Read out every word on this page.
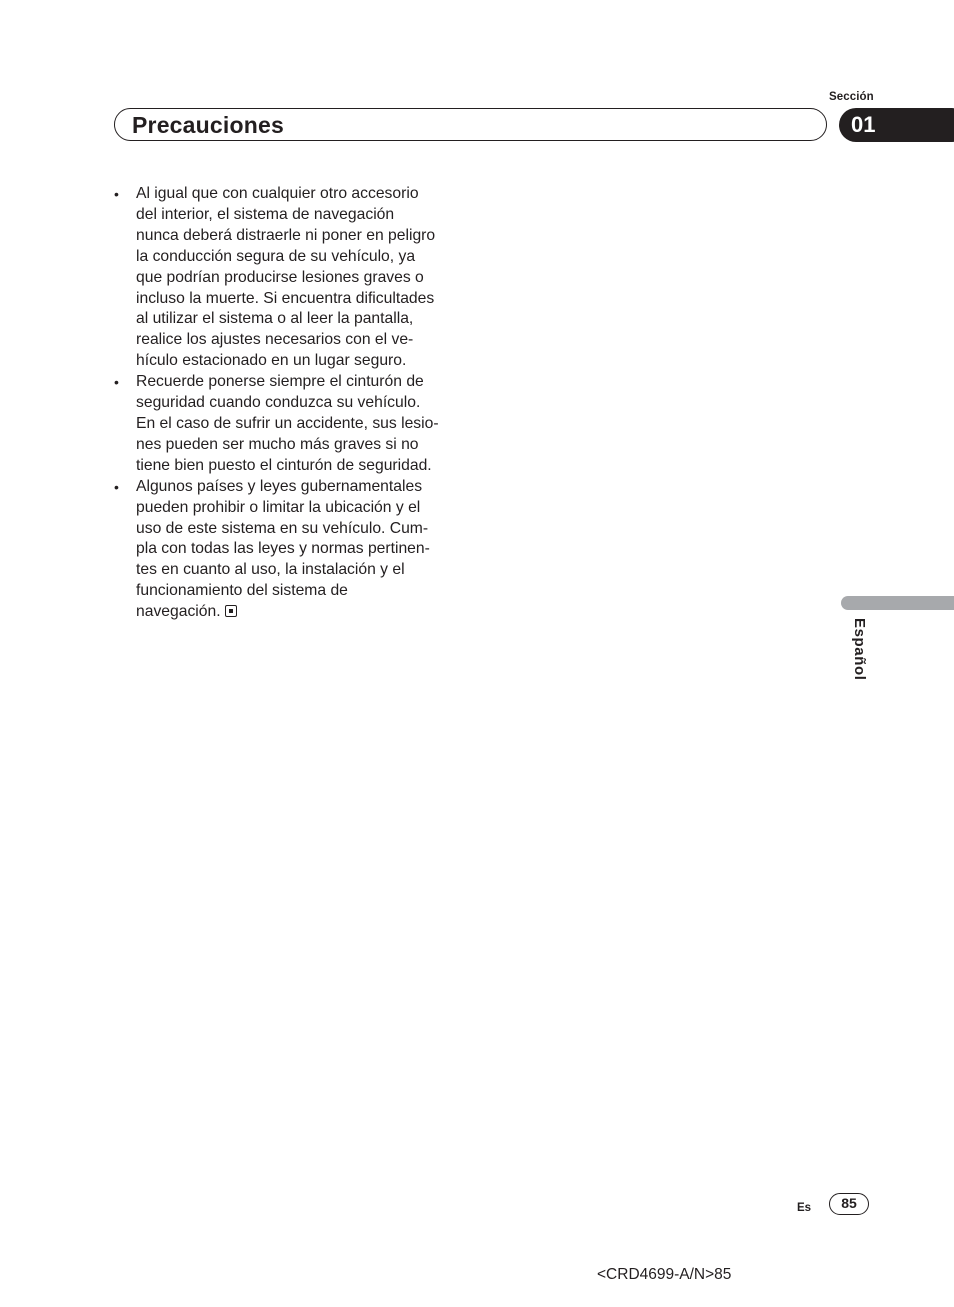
Sección
Precauciones	01
• Al igual que con cualquier otro accesorio
del interior, el sistema de navegación
nunca deberá distraerle ni poner en peligro
la conducción segura de su vehículo, ya
que podrían producirse lesiones graves o
incluso la muerte. Si encuentra dificultades
al utilizar el sistema o al leer la pantalla,
realice los ajustes necesarios con el ve-
hículo estacionado en un lugar seguro.
• Recuerde ponerse siempre el cinturón de
seguridad cuando conduzca su vehículo.
En el caso de sufrir un accidente, sus lesio-
nes pueden ser mucho más graves si no
tiene bien puesto el cinturón de seguridad.
• Algunos países y leyes gubernamentales
pueden prohibir o limitar la ubicación y el
uso de este sistema en su vehículo. Cum-
pla con todas las leyes y normas pertinen-
tes en cuanto al uso, la instalación y el
funcionamiento del sistema de
navegación.
Español
Es	85
<CRD4699-A/N>85
